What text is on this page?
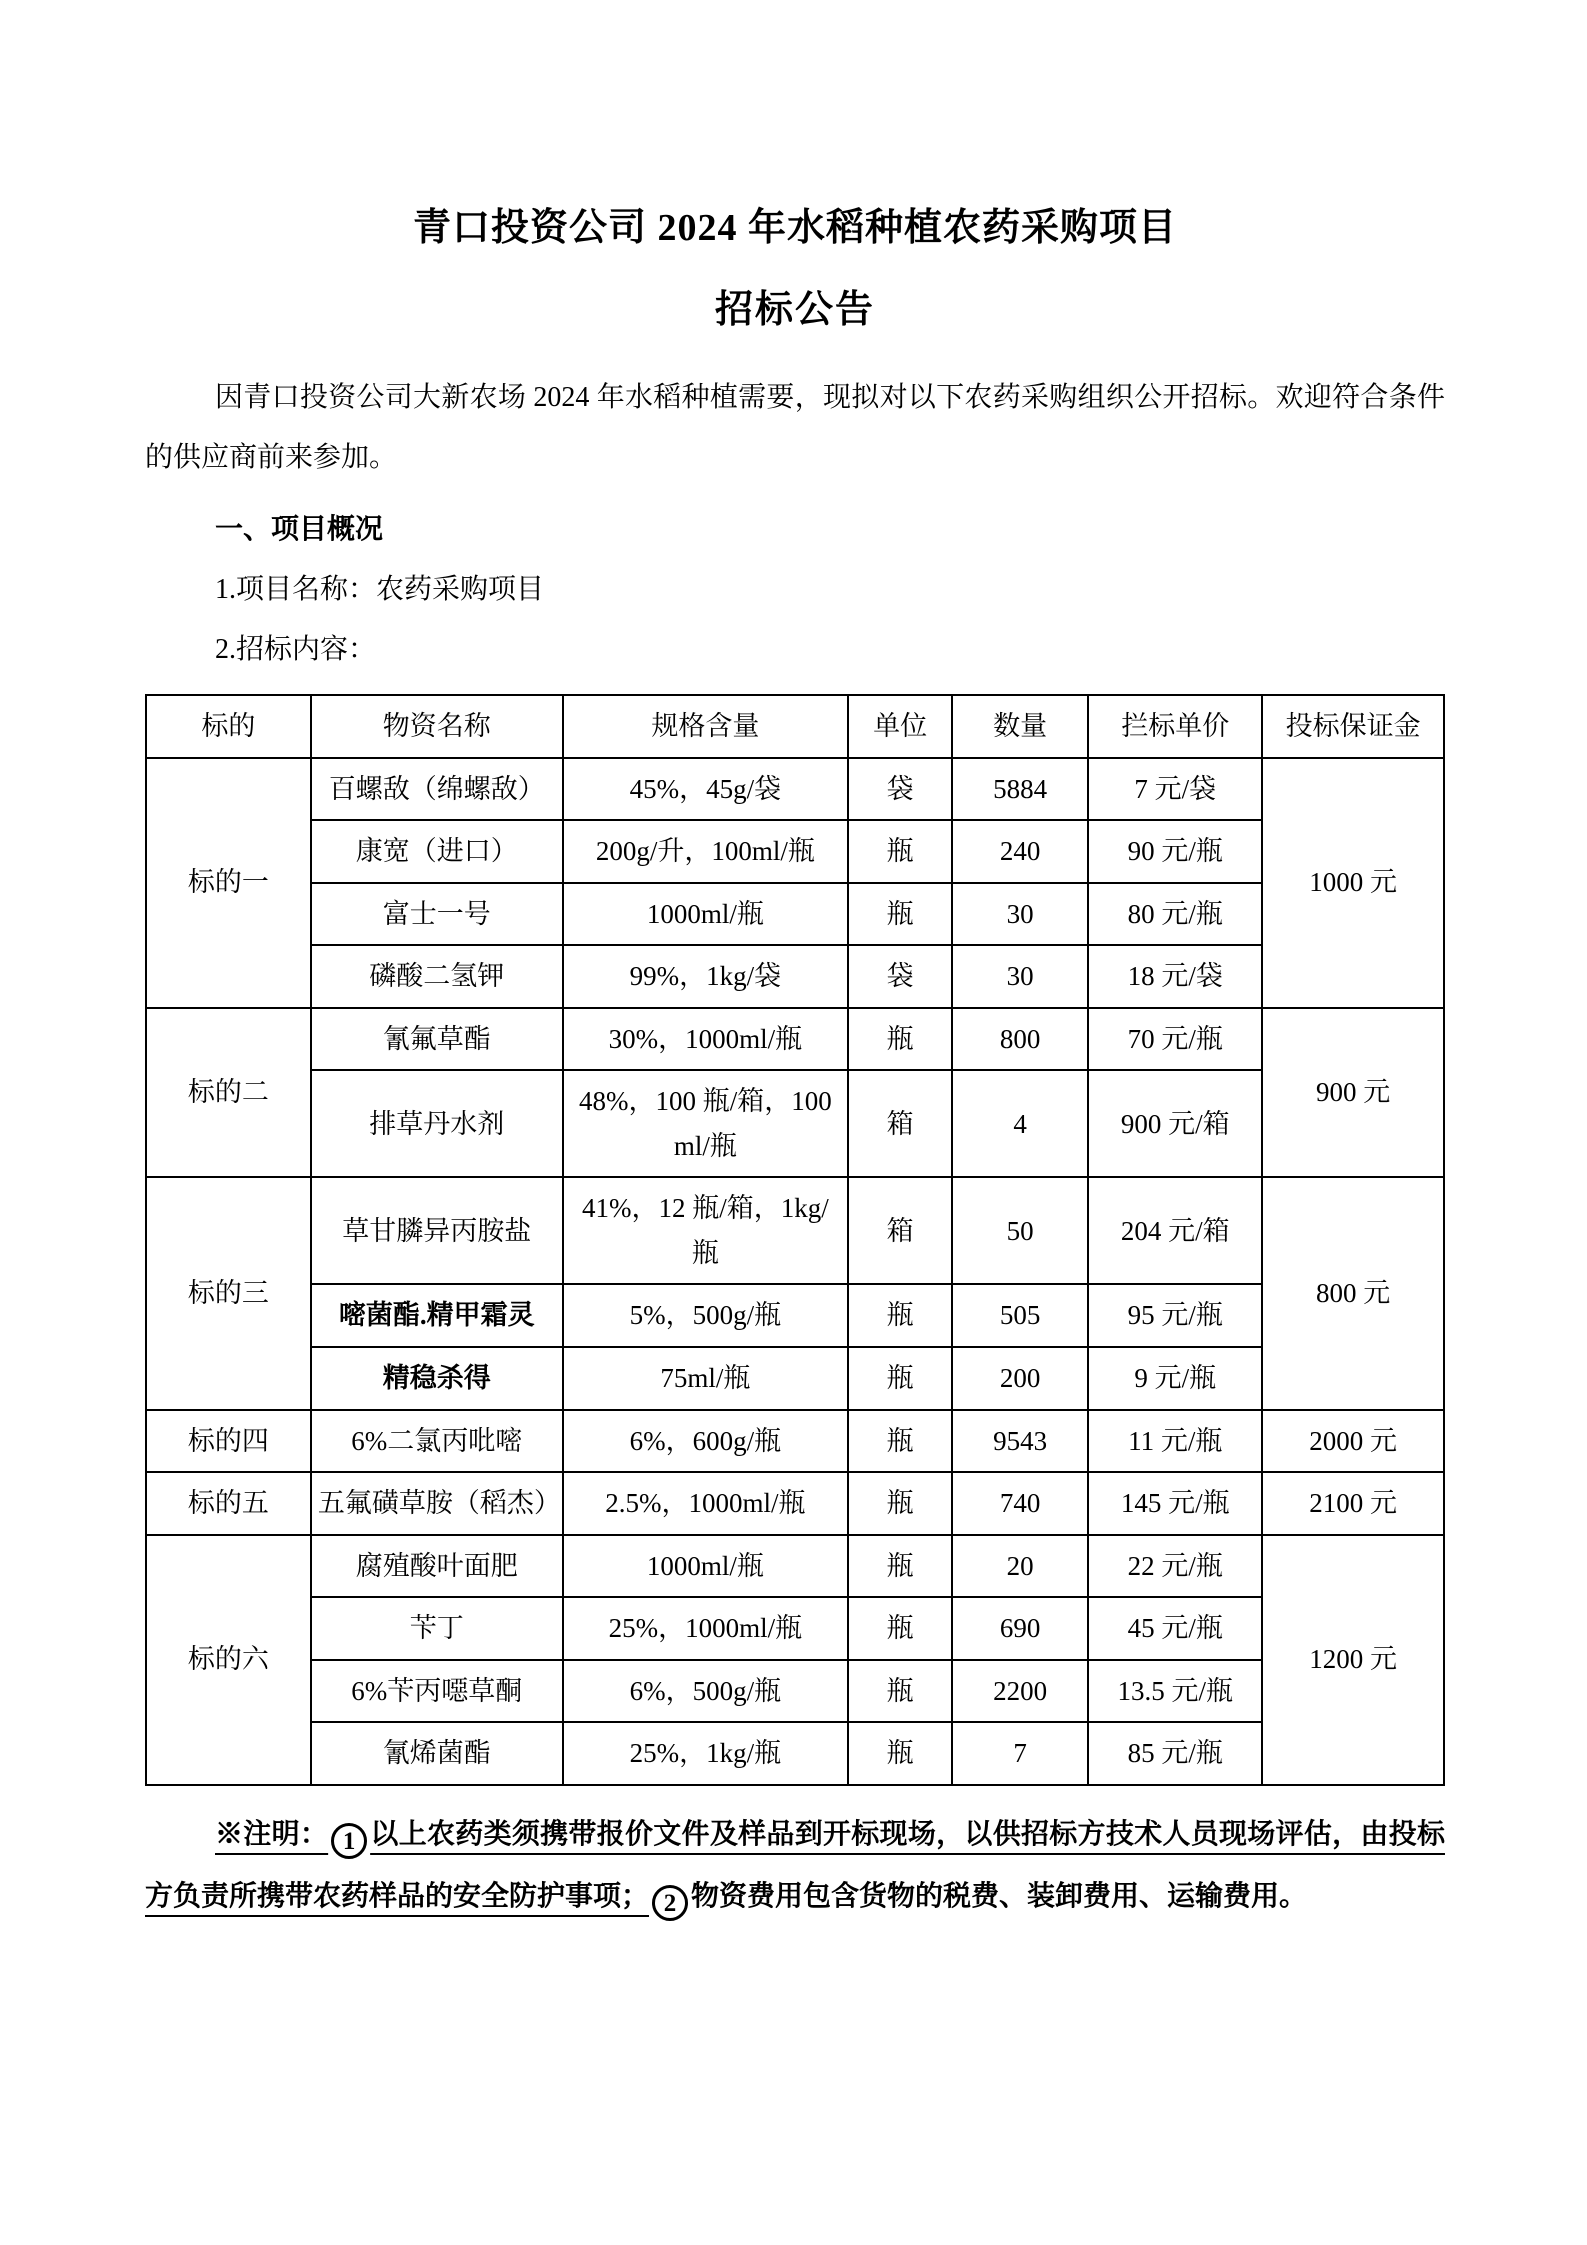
青口投资公司 2024 年水稻种植农药采购项目
招标公告

因青口投资公司大新农场 2024 年水稻种植需要，现拟对以下农药采购组织公开招标。欢迎符合条件的供应商前来参加。

一、项目概况

1.项目名称：农药采购项目

2.招标内容：

标的	物资名称	规格含量	单位	数量	拦标单价	投标保证金
标的一	百螺敌（绵螺敌）	45%，45g/袋	袋	5884	7 元/袋	1000 元
	康宽（进口）	200g/升，100ml/瓶	瓶	240	90 元/瓶	
	富士一号	1000ml/瓶	瓶	30	80 元/瓶	
	磷酸二氢钾	99%，1kg/袋	袋	30	18 元/袋	
标的二	氰氟草酯	30%，1000ml/瓶	瓶	800	70 元/瓶	900 元
	排草丹水剂	48%，100 瓶/箱，100ml/瓶	箱	4	900 元/箱	
标的三	草甘膦异丙胺盐	41%，12 瓶/箱，1kg/瓶	箱	50	204 元/箱	800 元
	嘧菌酯.精甲霜灵	5%，500g/瓶	瓶	505	95 元/瓶	
	精稳杀得	75ml/瓶	瓶	200	9 元/瓶	
标的四	6%二氯丙吡嘧	6%，600g/瓶	瓶	9543	11 元/瓶	2000 元
标的五	五氟磺草胺（稻杰）	2.5%，1000ml/瓶	瓶	740	145 元/瓶	2100 元
标的六	腐殖酸叶面肥	1000ml/瓶	瓶	20	22 元/瓶	1200 元
	苄丁	25%，1000ml/瓶	瓶	690	45 元/瓶	
	6%苄丙噁草酮	6%，500g/瓶	瓶	2200	13.5 元/瓶	
	氰烯菌酯	25%，1kg/瓶	瓶	7	85 元/瓶	

※注明： 1 以上农药类须携带报价文件及样品到开标现场，以供招标方技术人员现场评估，由投标方负责所携带农药样品的安全防护事项； 2 物资费用包含货物的税费、装卸费用、运输费用。
